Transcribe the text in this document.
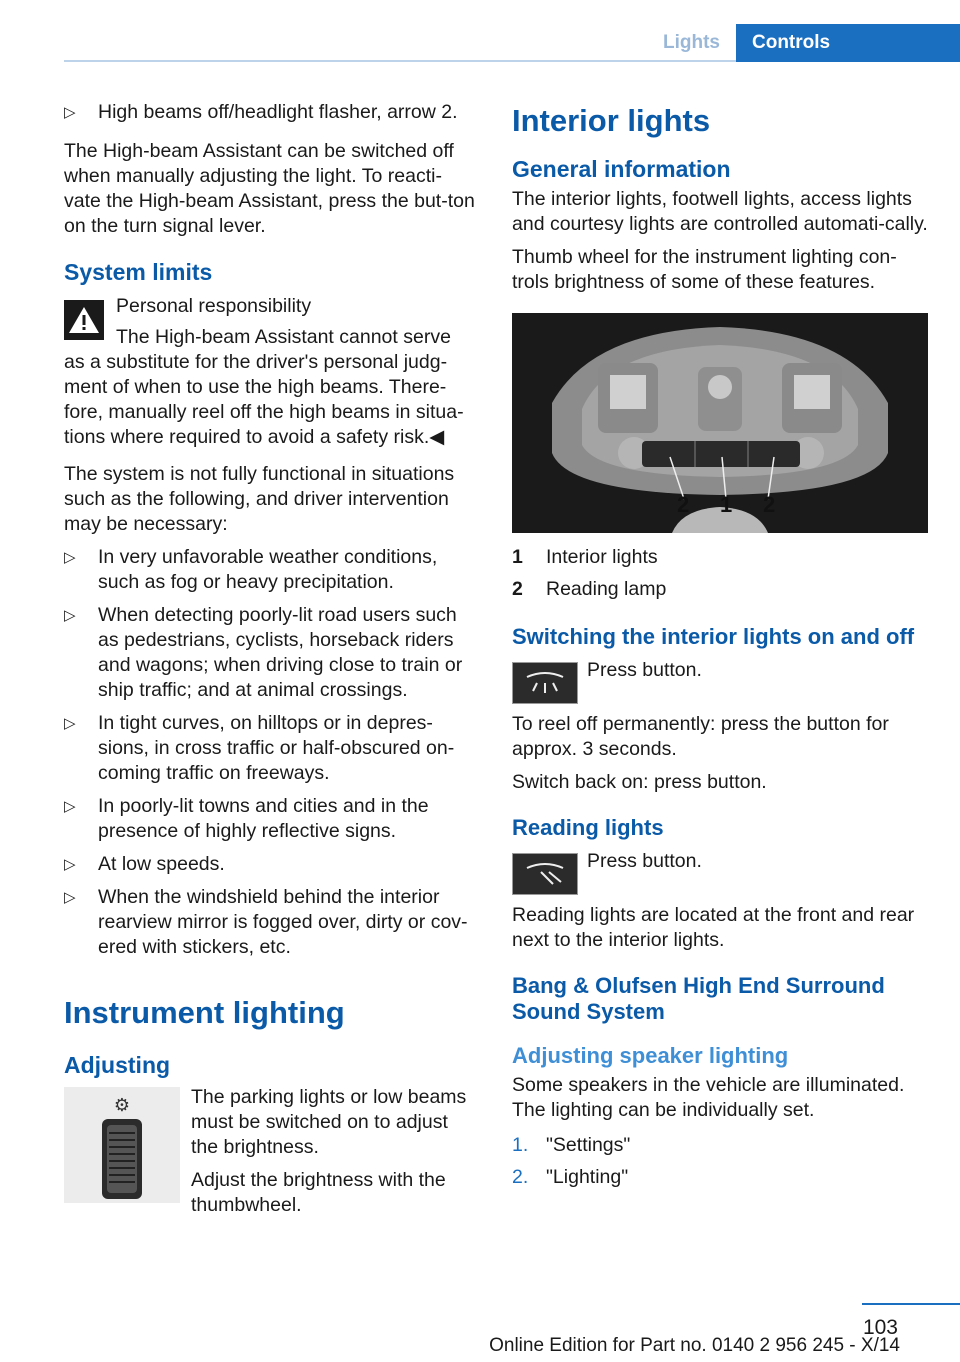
Lights	Controls
▷ High beams off/headlight flasher, arrow 2.

The High-beam Assistant can be switched off when manually adjusting the light. To reacti‐vate the High-beam Assistant, press the but‐ton on the turn signal lever.

System limits

Personal responsibility

The High-beam Assistant cannot serve as a substitute for the driver's personal judg‐ment of when to use the high beams. There‐fore, manually reel off the high beams in situa‐tions where required to avoid a safety risk.◀

The system is not fully functional in situations such as the following, and driver intervention may be necessary:

▷ In very unfavorable weather conditions, such as fog or heavy precipitation.
▷ When detecting poorly-lit road users such as pedestrians, cyclists, horseback riders and wagons; when driving close to train or ship traffic; and at animal crossings.
▷ In tight curves, on hilltops or in depres‐sions, in cross traffic or half-obscured on‐coming traffic on freeways.
▷ In poorly-lit towns and cities and in the presence of highly reflective signs.
▷ At low speeds.
▷ When the windshield behind the interior rearview mirror is fogged over, dirty or cov‐ered with stickers, etc.
Instrument lighting
Adjusting
⚙	The parking lights or low beams must be switched on to adjust the brightness.

Adjust the brightness with the thumbwheel.

Interior lights
General information

The interior lights, footwell lights, access lights and courtesy lights are controlled automati‐cally.

Thumb wheel for the instrument lighting con‐trols brightness of some of these features.

2 1 2
1 Interior lights
2 Reading lamp
Switching the interior lights on and off

Press button.

To reel off permanently: press the button for approx. 3 seconds.

Switch back on: press button.

Reading lights

Press button.

Reading lights are located at the front and rear next to the interior lights.

Bang & Olufsen High End Surround Sound System
Adjusting speaker lighting

Some speakers in the vehicle are illuminated. The lighting can be individually set.

1. "Settings"
2. "Lighting"
103
Online Edition for Part no. 0140 2 956 245 - X/14
